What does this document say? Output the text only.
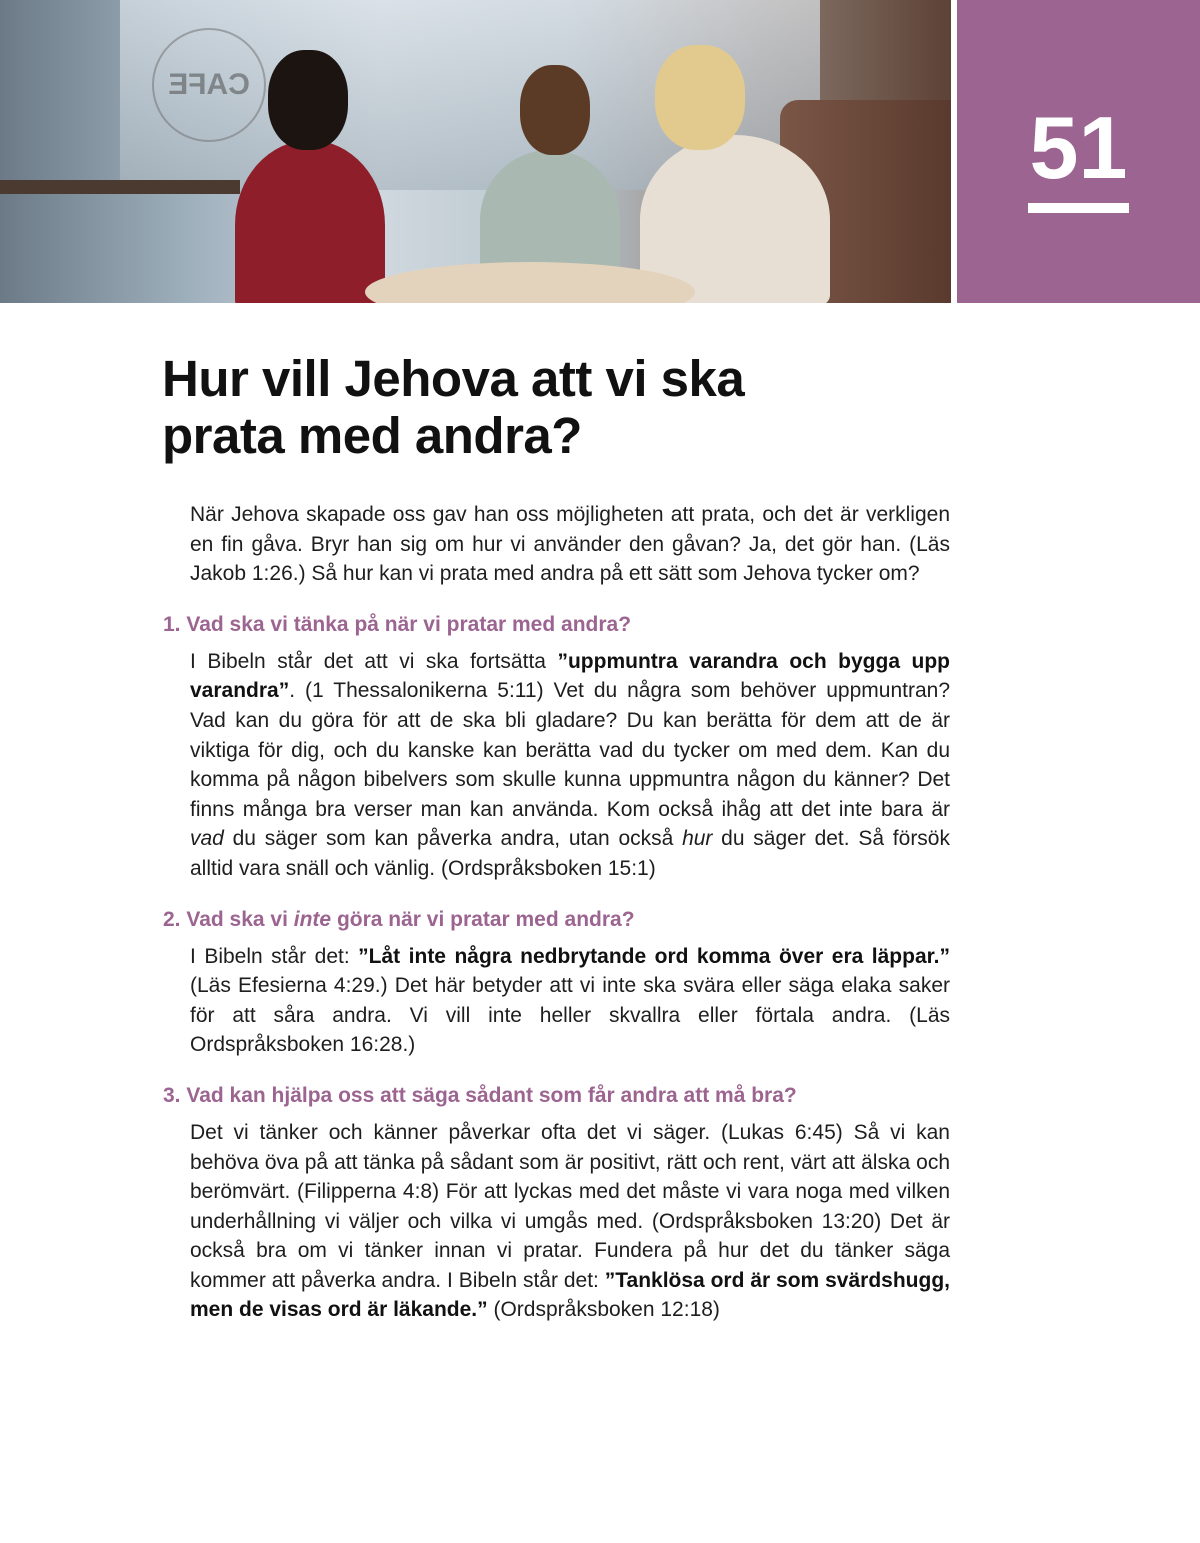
CAFE
51
Hur vill Jehova att vi ska prata med andra?

När Jehova skapade oss gav han oss möjligheten att prata, och det är verkligen en fin gåva. Bryr han sig om hur vi använder den gåvan? Ja, det gör han. (Läs Jakob 1:26.) Så hur kan vi prata med andra på ett sätt som Jehova tycker om?

1. Vad ska vi tänka på när vi pratar med andra?

I Bibeln står det att vi ska fortsätta ”uppmuntra varandra och bygga upp varandra”. (1 Thessalonikerna 5:11) Vet du några som behöver uppmuntran? Vad kan du göra för att de ska bli gladare? Du kan berätta för dem att de är viktiga för dig, och du kanske kan berätta vad du tycker om med dem. Kan du komma på någon bibelvers som skulle kunna uppmuntra någon du känner? Det finns många bra verser man kan använda. Kom också ihåg att det inte bara är vad du säger som kan påverka andra, utan också hur du säger det. Så försök alltid vara snäll och vänlig. (Ordspråksboken 15:1)

2. Vad ska vi inte göra när vi pratar med andra?

I Bibeln står det: ”Låt inte några nedbrytande ord komma över era läppar.” (Läs Efesierna 4:29.) Det här betyder att vi inte ska svära eller säga elaka saker för att såra andra. Vi vill inte heller skvallra eller förtala andra. (Läs Ordspråksboken 16:28.)

3. Vad kan hjälpa oss att säga sådant som får andra att må bra?

Det vi tänker och känner påverkar ofta det vi säger. (Lukas 6:45) Så vi kan behöva öva på att tänka på sådant som är positivt, rätt och rent, värt att älska och berömvärt. (Filipperna 4:8) För att lyckas med det måste vi vara noga med vilken underhållning vi väljer och vilka vi umgås med. (Ordspråksboken 13:20) Det är också bra om vi tänker innan vi pratar. Fundera på hur det du tänker säga kommer att påverka andra. I Bibeln står det: ”Tanklösa ord är som svärdshugg, men de visas ord är läkande.” (Ordspråksboken 12:18)
